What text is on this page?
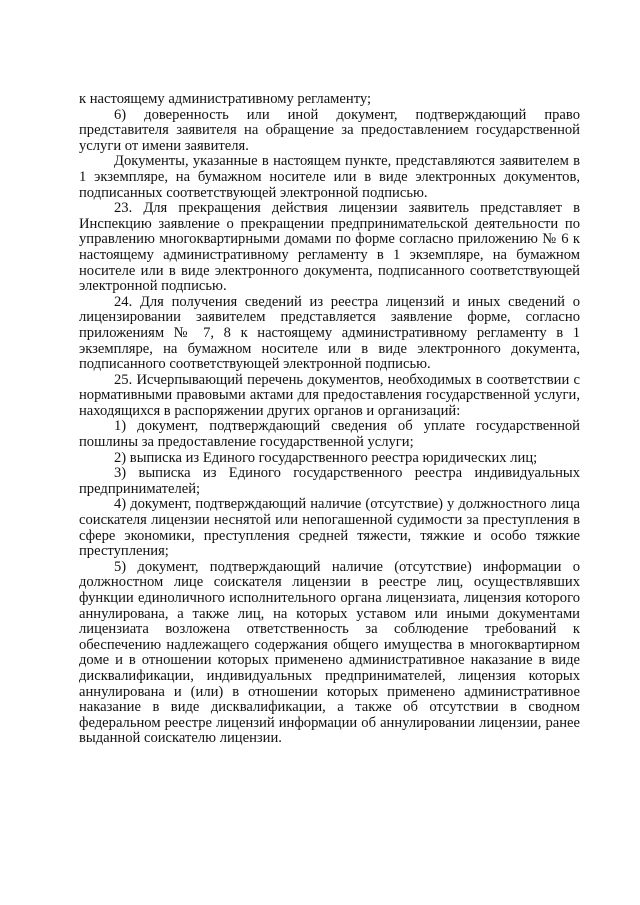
к настоящему административному регламенту;

6) доверенность или иной документ, подтверждающий право представителя заявителя на обращение за предоставлением государственной услуги от имени заявителя.

Документы, указанные в настоящем пункте, представляются заявителем в 1 экземпляре, на бумажном носителе или в виде электронных документов, подписанных соответствующей электронной подписью.

23. Для прекращения действия лицензии заявитель представляет в Инспекцию заявление о прекращении предпринимательской деятельности по управлению многоквартирными домами по форме согласно приложению № 6 к настоящему административному регламенту в 1 экземпляре, на бумажном носителе или в виде электронного документа, подписанного соответствующей электронной подписью.

24. Для получения сведений из реестра лицензий и иных сведений о лицензировании заявителем представляется заявление форме, согласно приложениям № 7, 8 к настоящему административному регламенту в 1 экземпляре, на бумажном носителе или в виде электронного документа, подписанного соответствующей электронной подписью.

25. Исчерпывающий перечень документов, необходимых в соответствии с нормативными правовыми актами для предоставления государственной услуги, находящихся в распоряжении других органов и организаций:

1) документ, подтверждающий сведения об уплате государственной пошлины за предоставление государственной услуги;

2) выписка из Единого государственного реестра юридических лиц;

3) выписка из Единого государственного реестра индивидуальных предпринимателей;

4) документ, подтверждающий наличие (отсутствие) у должностного лица соискателя лицензии неснятой или непогашенной судимости за преступления в сфере экономики, преступления средней тяжести, тяжкие и особо тяжкие преступления;

5) документ, подтверждающий наличие (отсутствие) информации о должностном лице соискателя лицензии в реестре лиц, осуществлявших функции единоличного исполнительного органа лицензиата, лицензия которого аннулирована, а также лиц, на которых уставом или иными документами лицензиата возложена ответственность за соблюдение требований к обеспечению надлежащего содержания общего имущества в многоквартирном доме и в отношении которых применено административное наказание в виде дисквалификации, индивидуальных предпринимателей, лицензия которых аннулирована и (или) в отношении которых применено административное наказание в виде дисквалификации, а также об отсутствии в сводном федеральном реестре лицензий информации об аннулировании лицензии, ранее выданной соискателю лицензии.
